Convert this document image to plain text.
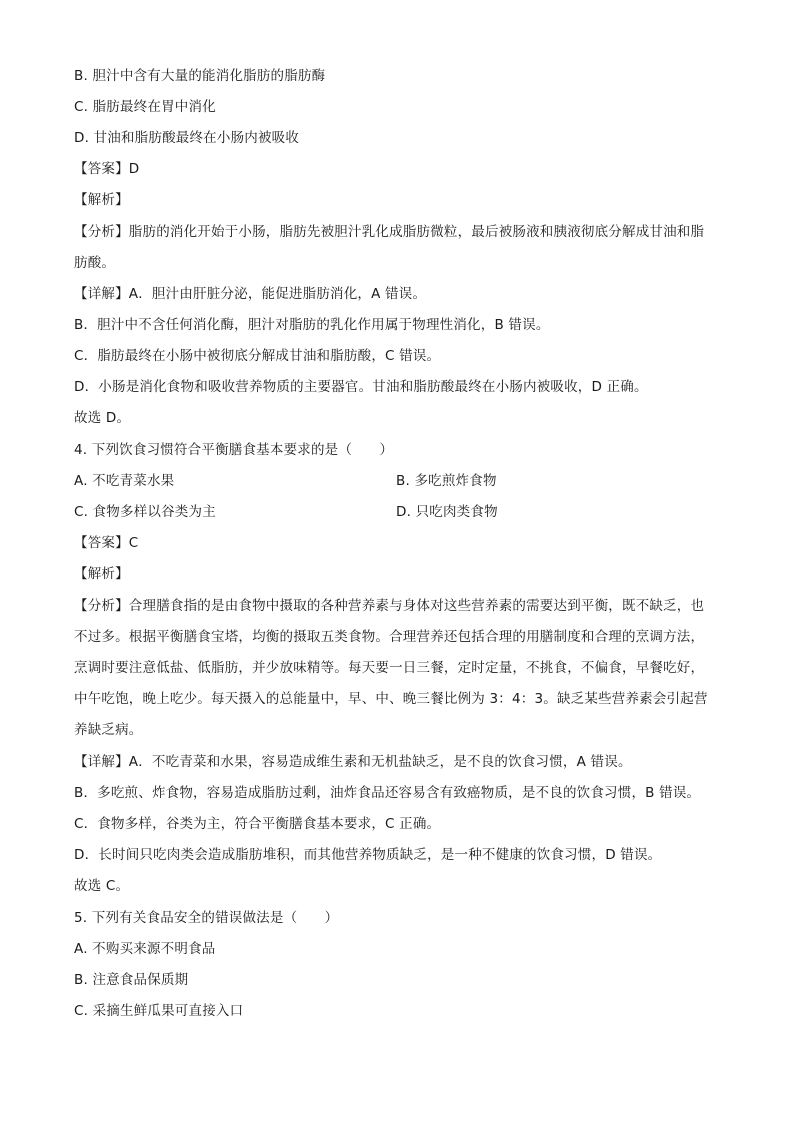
B. 胆汁中含有大量的能消化脂肪的脂肪酶
C. 脂肪最终在胃中消化
D. 甘油和脂肪酸最终在小肠内被吸收
【答案】D
【解析】
【分析】脂肪的消化开始于小肠，脂肪先被胆汁乳化成脂肪微粒，最后被肠液和胰液彻底分解成甘油和脂
肪酸。
【详解】A．胆汁由肝脏分泌，能促进脂肪消化，A 错误。
B．胆汁中不含任何消化酶，胆汁对脂肪的乳化作用属于物理性消化，B 错误。
C．脂肪最终在小肠中被彻底分解成甘油和脂肪酸，C 错误。
D．小肠是消化食物和吸收营养物质的主要器官。甘油和脂肪酸最终在小肠内被吸收，D 正确。
故选 D。
4. 下列饮食习惯符合平衡膳食基本要求的是（　　）
A. 不吃青菜水果	B. 多吃煎炸食物
C. 食物多样以谷类为主	D. 只吃肉类食物
【答案】C
【解析】
【分析】合理膳食指的是由食物中摄取的各种营养素与身体对这些营养素的需要达到平衡，既不缺乏，也
不过多。根据平衡膳食宝塔，均衡的摄取五类食物。合理营养还包括合理的用膳制度和合理的烹调方法，
烹调时要注意低盐、低脂肪，并少放味精等。每天要一日三餐，定时定量，不挑食，不偏食，早餐吃好，
中午吃饱，晚上吃少。每天摄入的总能量中，早、中、晚三餐比例为 3：4：3。缺乏某些营养素会引起营
养缺乏病。
【详解】A．不吃青菜和水果，容易造成维生素和无机盐缺乏，是不良的饮食习惯，A 错误。
B．多吃煎、炸食物，容易造成脂肪过剩，油炸食品还容易含有致癌物质，是不良的饮食习惯，B 错误。
C．食物多样，谷类为主，符合平衡膳食基本要求，C 正确。
D．长时间只吃肉类会造成脂肪堆积，而其他营养物质缺乏，是一种不健康的饮食习惯，D 错误。
故选 C。
5. 下列有关食品安全的错误做法是（　　）
A. 不购买来源不明食品
B. 注意食品保质期
C. 采摘生鲜瓜果可直接入口
